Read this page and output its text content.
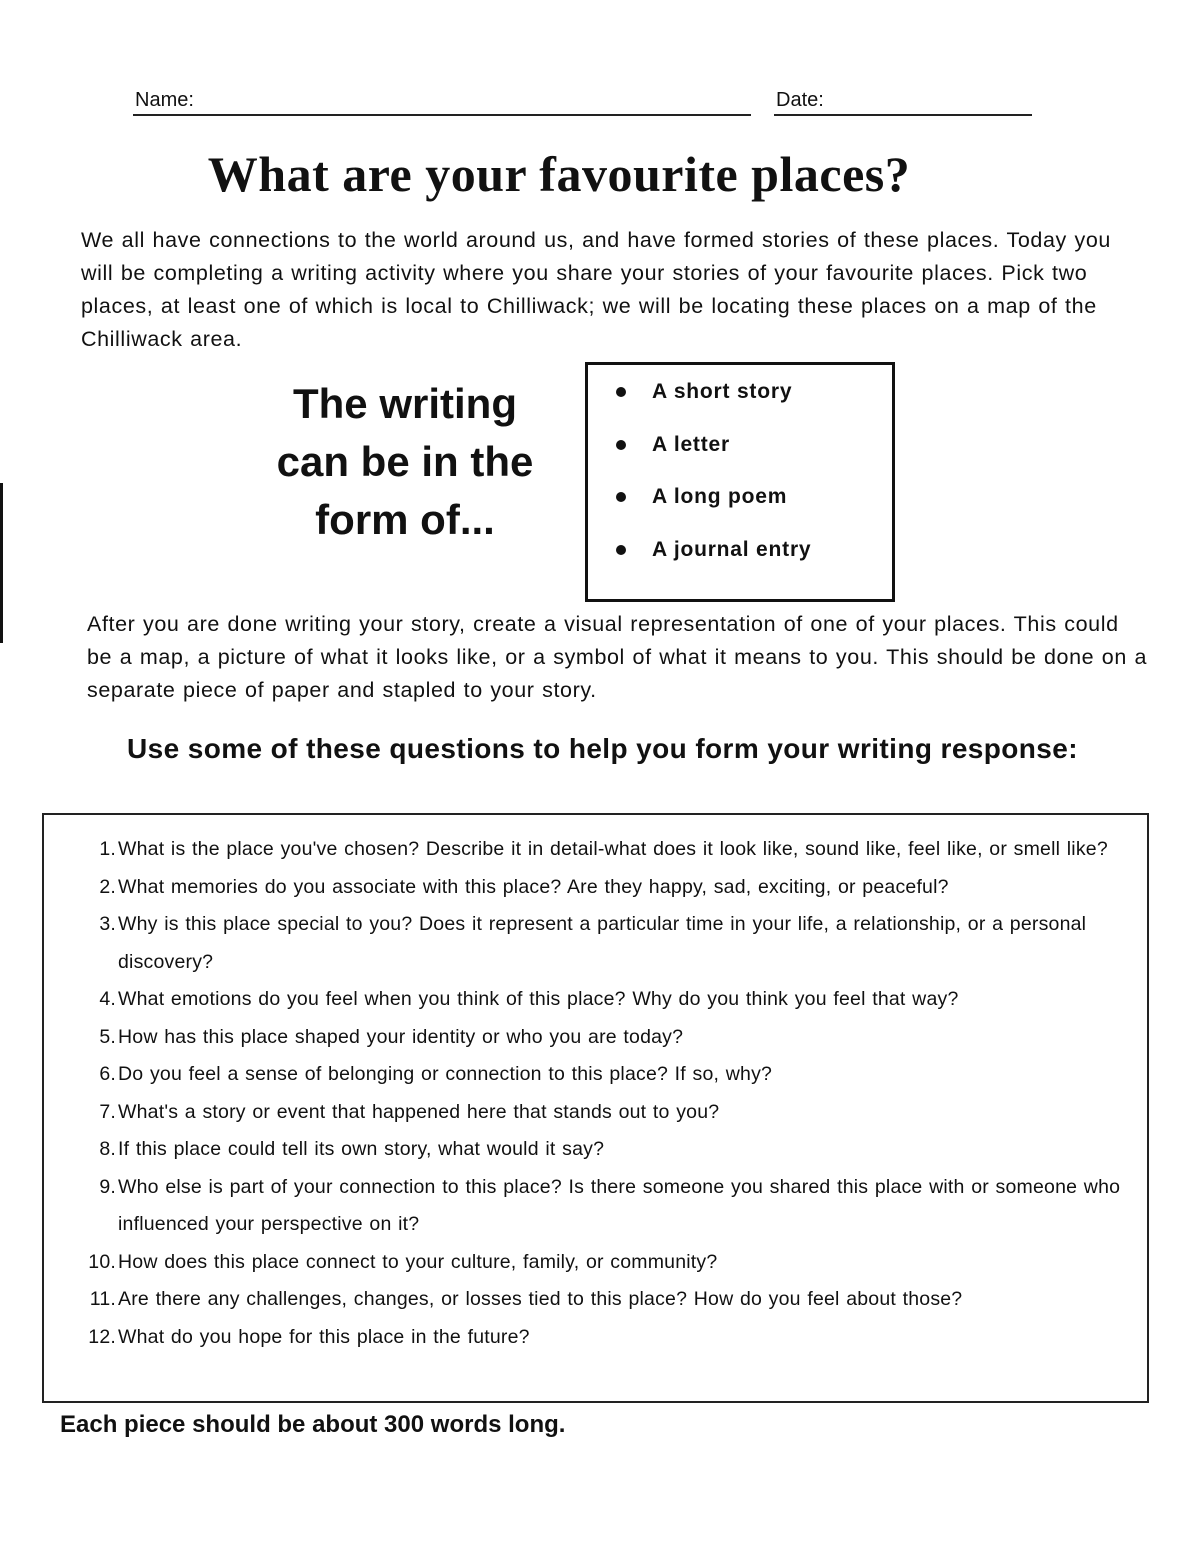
Name:	Date:
What are your favourite places?
We all have connections to the world around us, and have formed stories of these places. Today you will be completing a writing activity where you share your stories of your favourite places. Pick two places, at least one of which is local to Chilliwack; we will be locating these places on a map of the Chilliwack area.
The writing can be in the form of...
A short story
A letter
A long poem
A journal entry
After you are done writing your story, create a visual representation of one of your places. This could be a map, a picture of what it looks like, or a symbol of what it means to you. This should be done on a separate piece of paper and stapled to your story.
Use some of these questions to help you form your writing response:
1. What is the place you've chosen? Describe it in detail-what does it look like, sound like, feel like, or smell like?
2. What memories do you associate with this place? Are they happy, sad, exciting, or peaceful?
3. Why is this place special to you? Does it represent a particular time in your life, a relationship, or a personal discovery?
4. What emotions do you feel when you think of this place? Why do you think you feel that way?
5. How has this place shaped your identity or who you are today?
6. Do you feel a sense of belonging or connection to this place? If so, why?
7. What's a story or event that happened here that stands out to you?
8. If this place could tell its own story, what would it say?
9. Who else is part of your connection to this place? Is there someone you shared this place with or someone who influenced your perspective on it?
10. How does this place connect to your culture, family, or community?
11. Are there any challenges, changes, or losses tied to this place? How do you feel about those?
12. What do you hope for this place in the future?
Each piece should be about 300 words long.
